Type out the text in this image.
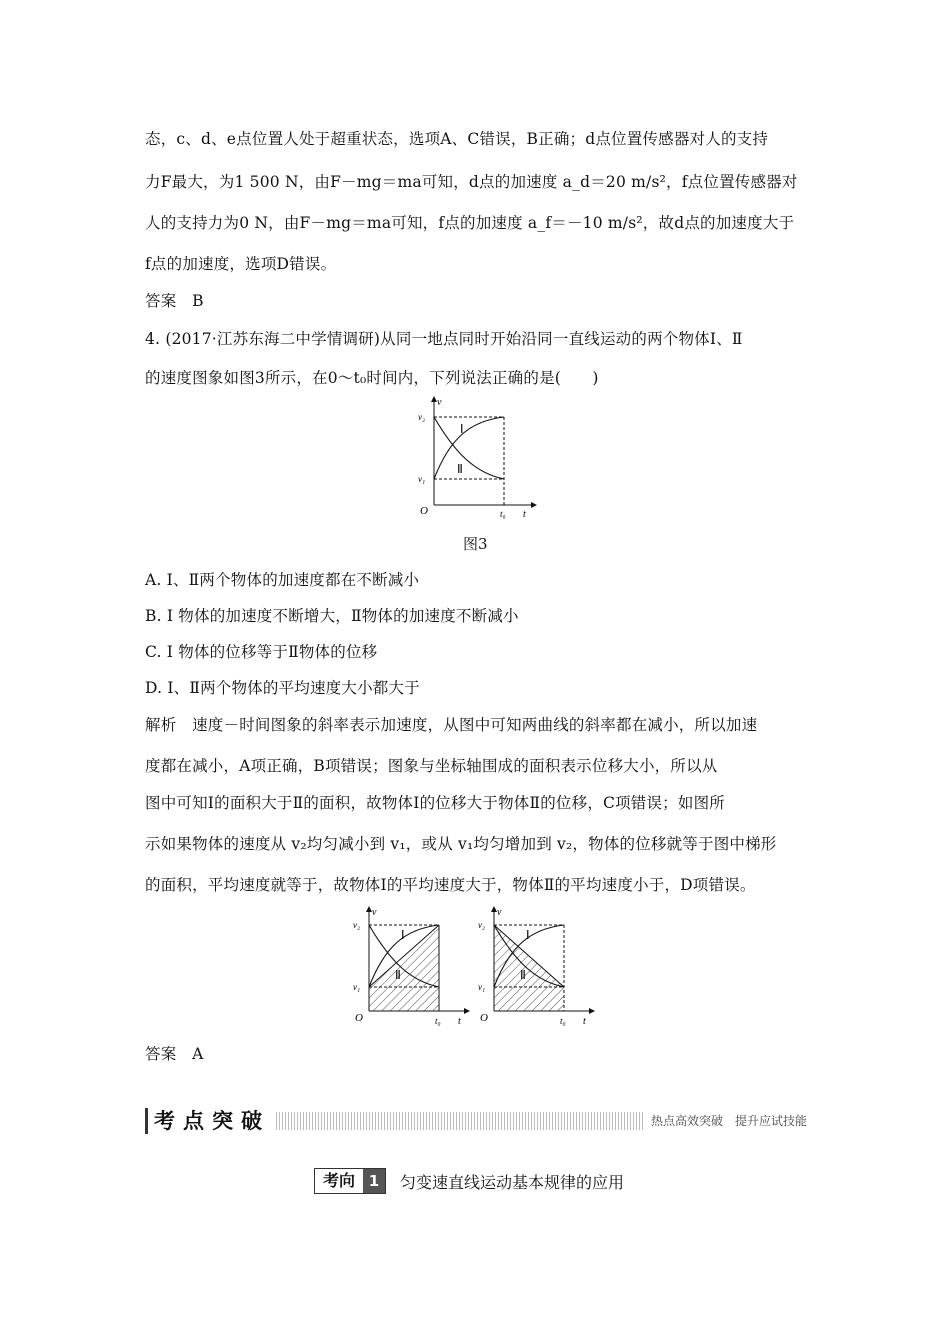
态，c、d、e点位置人处于超重状态，选项A、C错误，B正确；d点位置传感器对人的支持
力F最大，为1 500 N，由F－mg＝ma可知，d点的加速度 a_d＝20 m/s²，f点位置传感器对
人的支持力为0 N，由F－mg＝ma可知，f点的加速度 a_f＝－10 m/s²，故d点的加速度大于
f点的加速度，选项D错误。
答案　B
4. (2017·江苏东海二中学情调研)从同一地点同时开始沿同一直线运动的两个物体Ⅰ、Ⅱ
的速度图象如图3所示，在0～t₀时间内，下列说法正确的是(　　)
v
t
O
v₂
v₁
t₀
Ⅰ
Ⅱ
图3
A. Ⅰ、Ⅱ两个物体的加速度都在不断减小
B. Ⅰ 物体的加速度不断增大，Ⅱ物体的加速度不断减小
C. Ⅰ 物体的位移等于Ⅱ物体的位移
D. Ⅰ、Ⅱ两个物体的平均速度大小都大于
解析　速度－时间图象的斜率表示加速度，从图中可知两曲线的斜率都在减小，所以加速
度都在减小，A项正确，B项错误；图象与坐标轴围成的面积表示位移大小，所以从
图中可知Ⅰ的面积大于Ⅱ的面积，故物体Ⅰ的位移大于物体Ⅱ的位移，C项错误；如图所
示如果物体的速度从 v₂均匀减小到 v₁，或从 v₁均匀增加到 v₂，物体的位移就等于图中梯形
的面积，平均速度就等于，故物体Ⅰ的平均速度大于，物体Ⅱ的平均速度小于，D项错误。
v
t
O
v₂
v₁
t₀
Ⅰ
Ⅱ
v
t
O
v₂
v₁
t₀
Ⅰ
Ⅱ
答案　A
考点突破	热点高效突破　提升应试技能
考向 1	匀变速直线运动基本规律的应用
